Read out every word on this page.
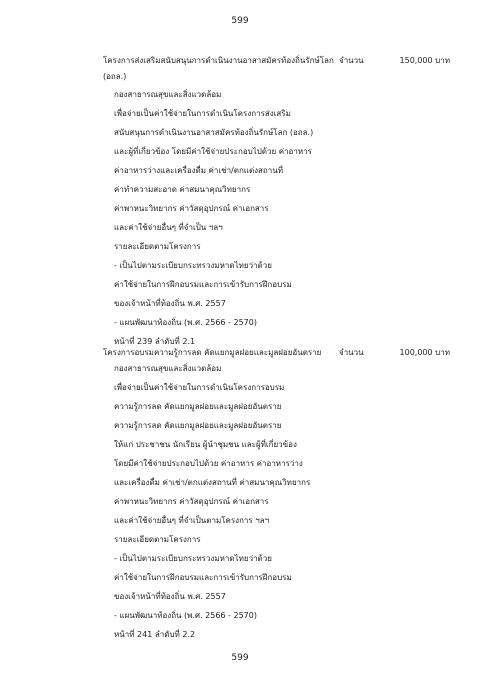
599
โครงการส่งเสริมสนับสนุนการดำเนินงานอาสาสมัครท้องถิ่นรักษ์โลก จำนวน	150,000 บาท
(อถล.)
กองสาธารณสุขและสิ่งแวดล้อม
เพื่อจ่ายเป็นค่าใช้จ่ายในการดำเนินโครงการส่งเสริม
สนับสนุนการดำเนินงานอาสาสมัครท้องถิ่นรักษ์โลก (อถล.)
และผู้ที่เกี่ยวข้อง โดยมีค่าใช้จ่ายประกอบไปด้วย ค่าอาหาร
ค่าอาหารว่างและเครื่องดื่ม ค่าเช่า/ตกแต่งสถานที่
ค่าทำความสะอาด ค่าสมนาคุณวิทยากร
ค่าพาหนะวิทยากร ค่าวัสดุอุปกรณ์ ค่าเอกสาร
และค่าใช้จ่ายอื่นๆ ที่จำเป็น ฯลฯ
รายละเอียดตามโครงการ
- เป็นไปตามระเบียบกระทรวงมหาดไทยว่าด้วย
ค่าใช้จ่ายในการฝึกอบรมและการเข้ารับการฝึกอบรม
ของเจ้าหน้าที่ท้องถิ่น พ.ศ. 2557
- แผนพัฒนาท้องถิ่น (พ.ศ. 2566 - 2570)
หน้าที่ 239 ลำดับที่ 2.1
โครงการอบรมความรู้การลด คัดแยกมูลฝอยและมูลฝอยอันตราย จำนวน	100,000 บาท
กองสาธารณสุขและสิ่งแวดล้อม
เพื่อจ่ายเป็นค่าใช้จ่ายในการดำเนินโครงการอบรม
ความรู้การลด คัดแยกมูลฝอยและมูลฝอยอันตราย
ความรู้การลด คัดแยกมูลฝอยและมูลฝอยอันตราย
ให้แก่ ประชาชน นักเรียน ผู้นำชุมชน และผู้ที่เกี่ยวข้อง
โดยมีค่าใช้จ่ายประกอบไปด้วย ค่าอาหาร ค่าอาหารว่าง
และเครื่องดื่ม ค่าเช่า/ตกแต่งสถานที่ ค่าสมนาคุณวิทยากร
ค่าพาหนะวิทยากร ค่าวัสดุอุปกรณ์ ค่าเอกสาร
และค่าใช้จ่ายอื่นๆ ที่จำเป็นตามโครงการ ฯลฯ
รายละเอียดตามโครงการ
- เป็นไปตามระเบียบกระทรวงมหาดไทยว่าด้วย
ค่าใช้จ่ายในการฝึกอบรมและการเข้ารับการฝึกอบรม
ของเจ้าหน้าที่ท้องถิ่น พ.ศ. 2557
- แผนพัฒนาท้องถิ่น (พ.ศ. 2566 - 2570)
หน้าที่ 241 ลำดับที่ 2.2
599
